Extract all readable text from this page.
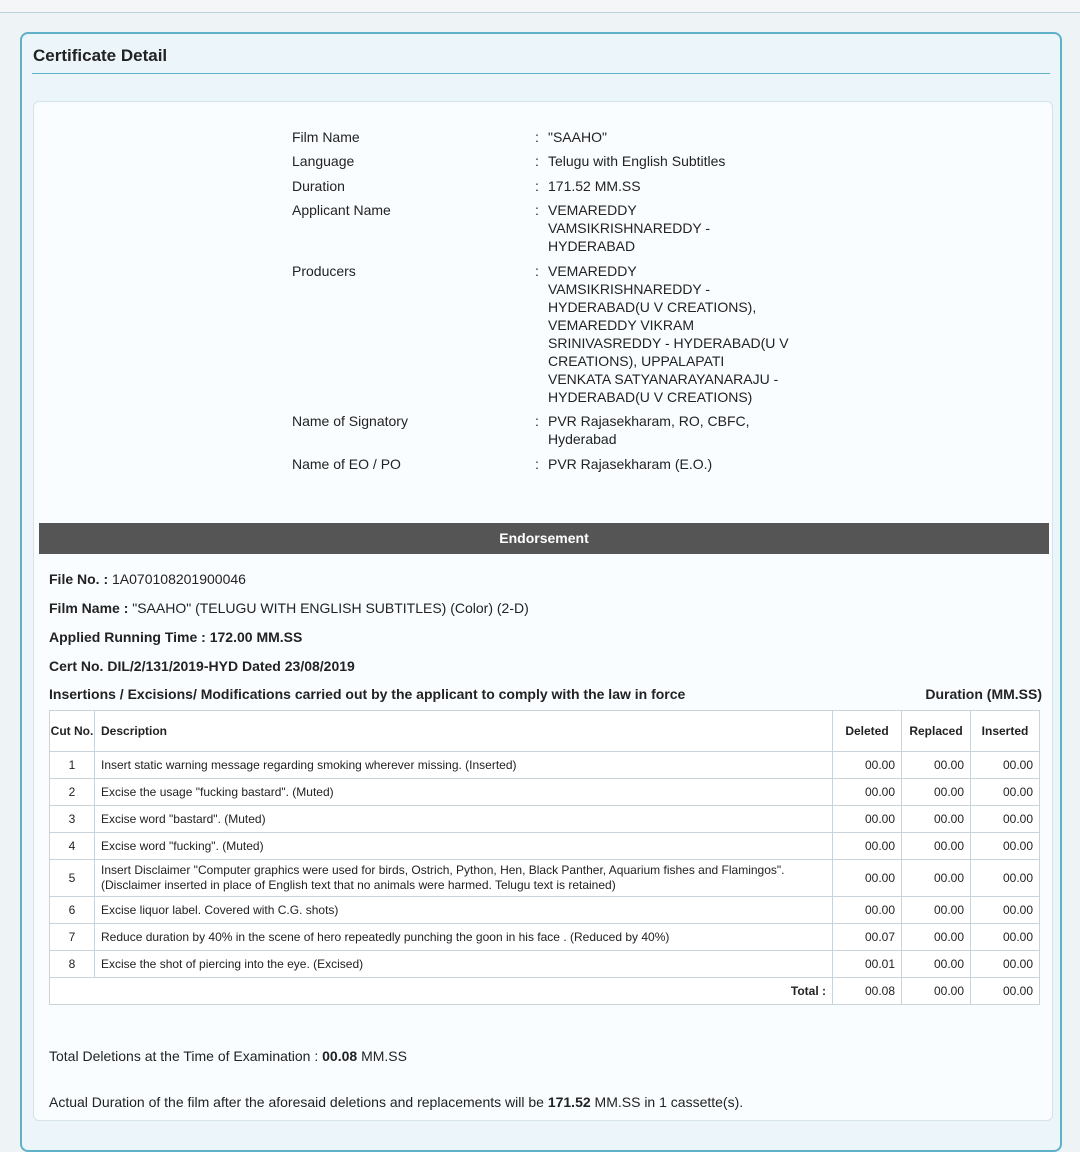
Certificate Detail
Film Name	: "SAAHO"
Language	: Telugu with English Subtitles
Duration	: 171.52 MM.SS
Applicant Name	: VEMAREDDY
VAMSIKRISHNAREDDY -
HYDERABAD
Producers	: VEMAREDDY
VAMSIKRISHNAREDDY -
HYDERABAD(U V CREATIONS),
VEMAREDDY VIKRAM
SRINIVASREDDY - HYDERABAD(U V
CREATIONS), UPPALAPATI
VENKATA SATYANARAYANARAJU -
HYDERABAD(U V CREATIONS)
Name of Signatory	: PVR Rajasekharam, RO, CBFC,
Hyderabad
Name of EO / PO	: PVR Rajasekharam (E.O.)
Endorsement
File No. : 1A070108201900046
Film Name : "SAAHO" (TELUGU WITH ENGLISH SUBTITLES) (Color) (2-D)
Applied Running Time : 172.00 MM.SS
Cert No. DIL/2/131/2019-HYD Dated 23/08/2019
Insertions / Excisions/ Modifications carried out by the applicant to comply with the law in force	Duration (MM.SS)
Cut No.	Description	Deleted	Replaced	Inserted
1	Insert static warning message regarding smoking wherever missing. (Inserted)	00.00	00.00	00.00
2	Excise the usage "fucking bastard". (Muted)	00.00	00.00	00.00
3	Excise word "bastard". (Muted)	00.00	00.00	00.00
4	Excise word "fucking". (Muted)	00.00	00.00	00.00
5	Insert Disclaimer "Computer graphics were used for birds, Ostrich, Python, Hen, Black Panther, Aquarium fishes and Flamingos". (Disclaimer inserted in place of English text that no animals were harmed. Telugu text is retained)	00.00	00.00	00.00
6	Excise liquor label. Covered with C.G. shots)	00.00	00.00	00.00
7	Reduce duration by 40% in the scene of hero repeatedly punching the goon in his face . (Reduced by 40%)	00.07	00.00	00.00
8	Excise the shot of piercing into the eye. (Excised)	00.01	00.00	00.00
Total :		00.08	00.00	00.00
Total Deletions at the Time of Examination : 00.08 MM.SS
Actual Duration of the film after the aforesaid deletions and replacements will be 171.52 MM.SS in 1 cassette(s).
